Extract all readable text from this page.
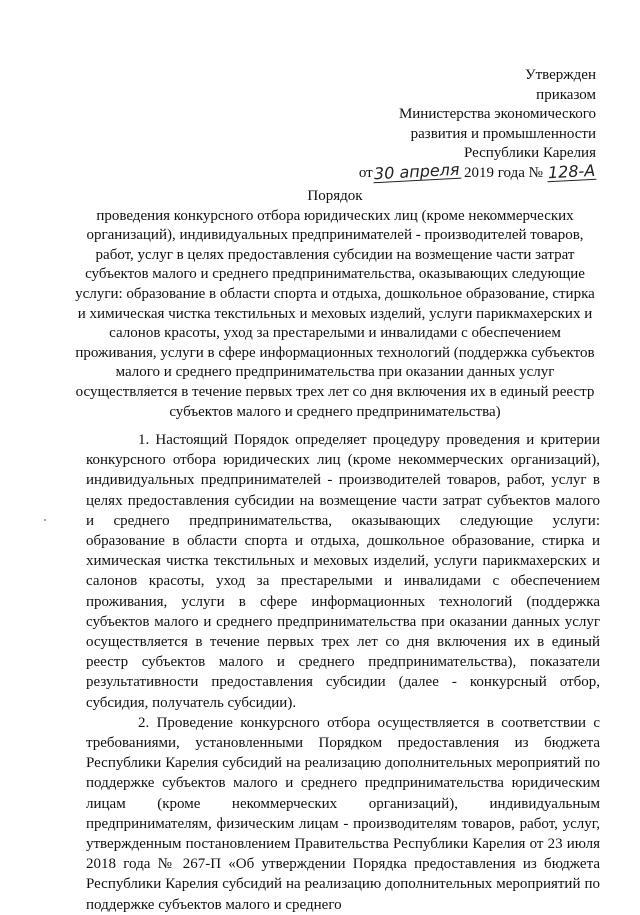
Утвержден
приказом
Министерства экономического
развития и промышленности
Республики Карелия
от30 апреля 2019 года № 128-А
Порядок
проведения конкурсного отбора юридических лиц (кроме некоммерческих организаций), индивидуальных предпринимателей - производителей товаров, работ, услуг в целях предоставления субсидии на возмещение части затрат субъектов малого и среднего предпринимательства, оказывающих следующие услуги: образование в области спорта и отдыха, дошкольное образование, стирка и химическая чистка текстильных и меховых изделий, услуги парикмахерских и салонов красоты, уход за престарелыми и инвалидами с обеспечением проживания, услуги в сфере информационных технологий (поддержка субъектов малого и среднего предпринимательства при оказании данных услуг осуществляется в течение первых трех лет со дня включения их в единый реестр субъектов малого и среднего предпринимательства)

1. Настоящий Порядок определяет процедуру проведения и критерии конкурсного отбора юридических лиц (кроме некоммерческих организаций), индивидуальных предпринимателей - производителей товаров, работ, услуг в целях предоставления субсидии на возмещение части затрат субъектов малого и среднего предпринимательства, оказывающих следующие услуги: образование в области спорта и отдыха, дошкольное образование, стирка и химическая чистка текстильных и меховых изделий, услуги парикмахерских и салонов красоты, уход за престарелыми и инвалидами с обеспечением проживания, услуги в сфере информационных технологий (поддержка субъектов малого и среднего предпринимательства при оказании данных услуг осуществляется в течение первых трех лет со дня включения их в единый реестр субъектов малого и среднего предпринимательства), показатели результативности предоставления субсидии (далее - конкурсный отбор, субсидия, получатель субсидии).

2. Проведение конкурсного отбора осуществляется в соответствии с требованиями, установленными Порядком предоставления из бюджета Республики Карелия субсидий на реализацию дополнительных мероприятий по поддержке субъектов малого и среднего предпринимательства юридическим лицам (кроме некоммерческих организаций), индивидуальным предпринимателям, физическим лицам - производителям товаров, работ, услуг, утвержденным постановлением Правительства Республики Карелия от 23 июля 2018 года № 267-П «Об утверждении Порядка предоставления из бюджета Республики Карелия субсидий на реализацию дополнительных мероприятий по поддержке субъектов малого и среднего
